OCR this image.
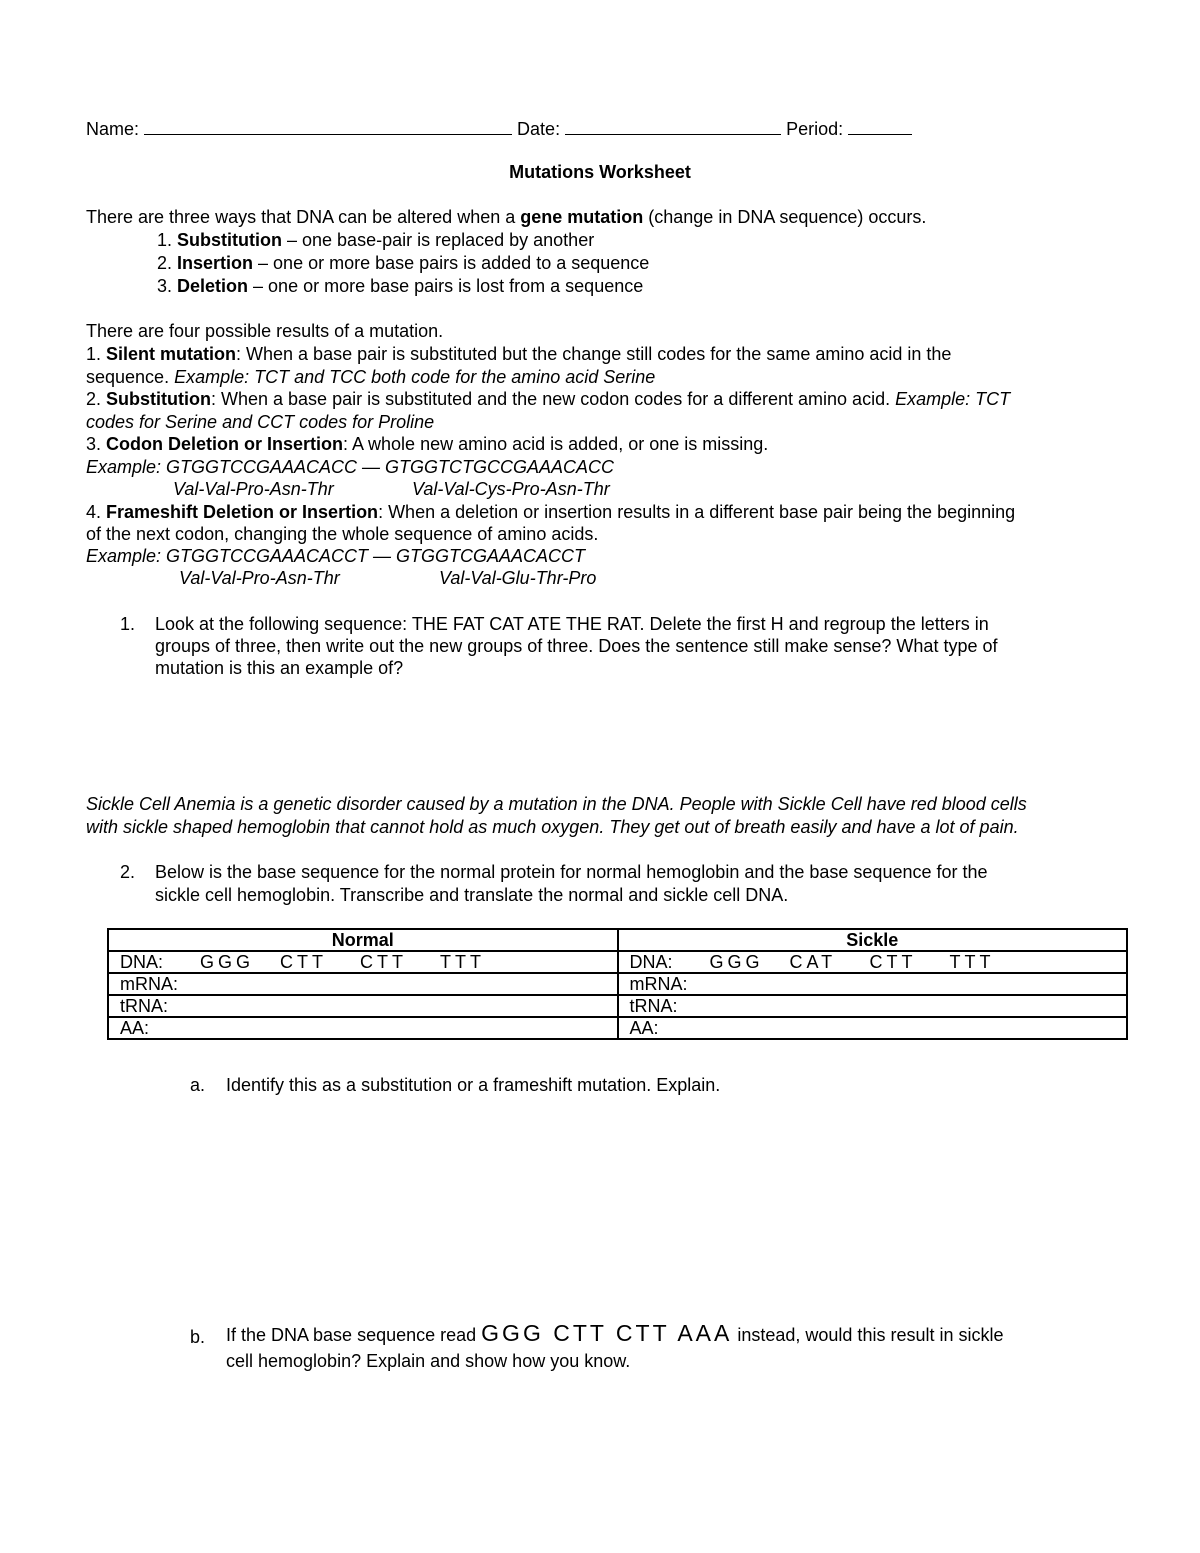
Name:	Date:	Period:
Mutations Worksheet
There are three ways that DNA can be altered when a gene mutation (change in DNA sequence) occurs.
1. Substitution – one base-pair is replaced by another
2. Insertion – one or more base pairs is added to a sequence
3. Deletion – one or more base pairs is lost from a sequence
There are four possible results of a mutation.
1. Silent mutation: When a base pair is substituted but the change still codes for the same amino acid in the
sequence. Example: TCT and TCC both code for the amino acid Serine
2. Substitution: When a base pair is substituted and the new codon codes for a different amino acid. Example: TCT
codes for Serine and CCT codes for Proline
3. Codon Deletion or Insertion: A whole new amino acid is added, or one is missing.
Example: GTGGTCCGAAACACC — GTGGTCTGCCGAAACACC
Val-Val-Pro-Asn-Thr	Val-Val-Cys-Pro-Asn-Thr
4. Frameshift Deletion or Insertion: When a deletion or insertion results in a different base pair being the beginning
of the next codon, changing the whole sequence of amino acids.
Example: GTGGTCCGAAACACCT — GTGGTCGAAACACCT
Val-Val-Pro-Asn-Thr	Val-Val-Glu-Thr-Pro
1. Look at the following sequence: THE FAT CAT ATE THE RAT. Delete the first H and regroup the letters in
groups of three, then write out the new groups of three. Does the sentence still make sense? What type of
mutation is this an example of?
Sickle Cell Anemia is a genetic disorder caused by a mutation in the DNA. People with Sickle Cell have red blood cells
with sickle shaped hemoglobin that cannot hold as much oxygen. They get out of breath easily and have a lot of pain.
2. Below is the base sequence for the normal protein for normal hemoglobin and the base sequence for the
sickle cell hemoglobin. Transcribe and translate the normal and sickle cell DNA.
Normal	Sickle
DNA: GGG CTT CTT TTT	DNA: GGG CAT CTT TTT
mRNA:	mRNA:
tRNA:	tRNA:
AA:	AA:
a. Identify this as a substitution or a frameshift mutation. Explain.
b. If the DNA base sequence read GGG CTT CTT AAA instead, would this result in sickle
cell hemoglobin? Explain and show how you know.
